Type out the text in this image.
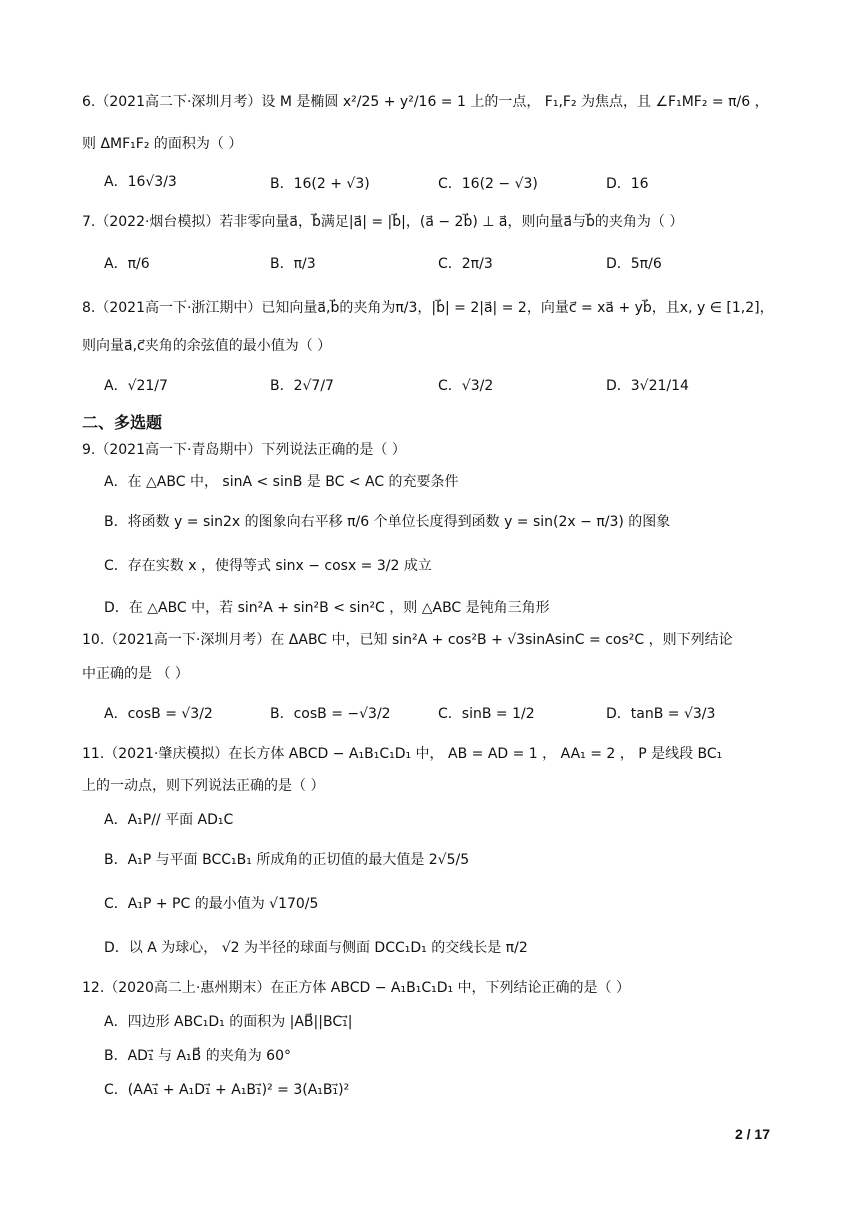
6.（2021高二下·深圳月考）设 M 是椭圆 x²/25 + y²/16 = 1 上的一点， F₁,F₂ 为焦点，且 ∠F₁MF₂ = π/6 ，
则 ΔMF₁F₂ 的面积为（ ）
A．16√3/3	B．16(2 + √3)	C．16(2 − √3)	D．16
7.（2022·烟台模拟）若非零向量a⃗，b⃗满足|a⃗| = |b⃗|，(a⃗ − 2b⃗) ⊥ a⃗，则向量a⃗与b⃗的夹角为（ ）
A．π/6	B．π/3	C．2π/3	D．5π/6
8.（2021高一下·浙江期中）已知向量a⃗,b⃗的夹角为π/3，|b⃗| = 2|a⃗| = 2，向量c⃗ = xa⃗ + yb⃗，且x, y ∈ [1,2]，
则向量a⃗,c⃗夹角的余弦值的最小值为（ ）
A．√21/7	B．2√7/7	C．√3/2	D．3√21/14
二、多选题
9.（2021高一下·青岛期中）下列说法正确的是（ ）
A．在 △ABC 中， sinA < sinB 是 BC < AC 的充要条件
B．将函数 y = sin2x 的图象向右平移 π/6 个单位长度得到函数 y = sin(2x − π/3) 的图象
C．存在实数 x ，使得等式 sinx − cosx = 3/2 成立
D．在 △ABC 中，若 sin²A + sin²B < sin²C ，则 △ABC 是钝角三角形
10.（2021高一下·深圳月考）在 ΔABC 中，已知 sin²A + cos²B + √3sinAsinC = cos²C ，则下列结论
中正确的是 （ ）
A．cosB = √3/2	B．cosB = −√3/2	C．sinB = 1/2	D．tanB = √3/3
11.（2021·肇庆模拟）在长方体 ABCD − A₁B₁C₁D₁ 中， AB = AD = 1 ， AA₁ = 2 ， P 是线段 BC₁
上的一动点，则下列说法正确的是（ ）
A．A₁P// 平面 AD₁C
B．A₁P 与平面 BCC₁B₁ 所成角的正切值的最大值是 2√5/5
C．A₁P + PC 的最小值为 √170/5
D．以 A 为球心， √2 为半径的球面与侧面 DCC₁D₁ 的交线长是 π/2
12.（2020高二上·惠州期末）在正方体 ABCD − A₁B₁C₁D₁ 中，下列结论正确的是（ ）
A．四边形 ABC₁D₁ 的面积为 |AB⃗||BC₁⃗|
B．AD₁⃗ 与 A₁B⃗ 的夹角为 60°
C．(AA₁⃗ + A₁D₁⃗ + A₁B₁⃗)² = 3(A₁B₁⃗)²
2 / 17
